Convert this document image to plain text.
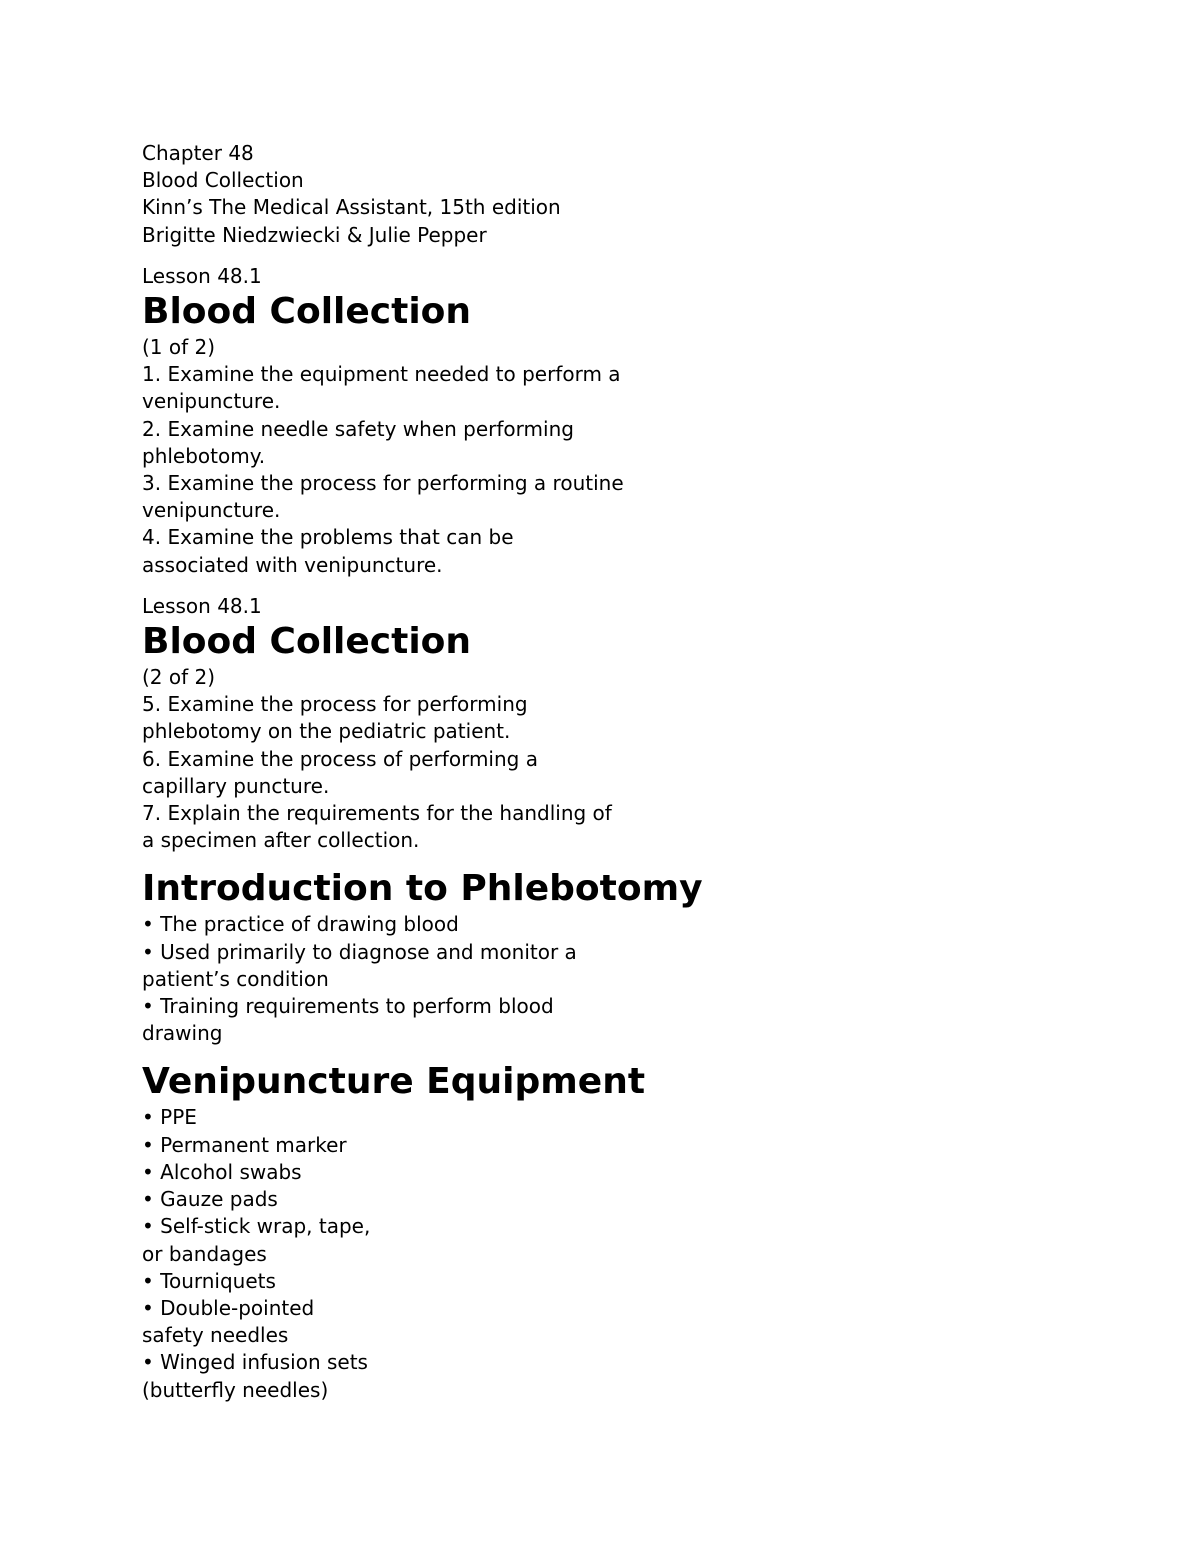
Chapter 48
Blood Collection
Kinn’s The Medical Assistant, 15th edition
Brigitte Niedzwiecki & Julie Pepper
Lesson 48.1
Blood Collection
(1 of 2)
1. Examine the equipment needed to perform a
venipuncture.
2. Examine needle safety when performing
phlebotomy.
3. Examine the process for performing a routine
venipuncture.
4. Examine the problems that can be
associated with venipuncture.
Lesson 48.1
Blood Collection
(2 of 2)
5. Examine the process for performing
phlebotomy on the pediatric patient.
6. Examine the process of performing a
capillary puncture.
7. Explain the requirements for the handling of
a specimen after collection.
Introduction to Phlebotomy
• The practice of drawing blood
• Used primarily to diagnose and monitor a
patient’s condition
• Training requirements to perform blood
drawing
Venipuncture Equipment
• PPE
• Permanent marker
• Alcohol swabs
• Gauze pads
• Self-stick wrap, tape,
or bandages
• Tourniquets
• Double-pointed
safety needles
• Winged infusion sets
(butterfly needles)
